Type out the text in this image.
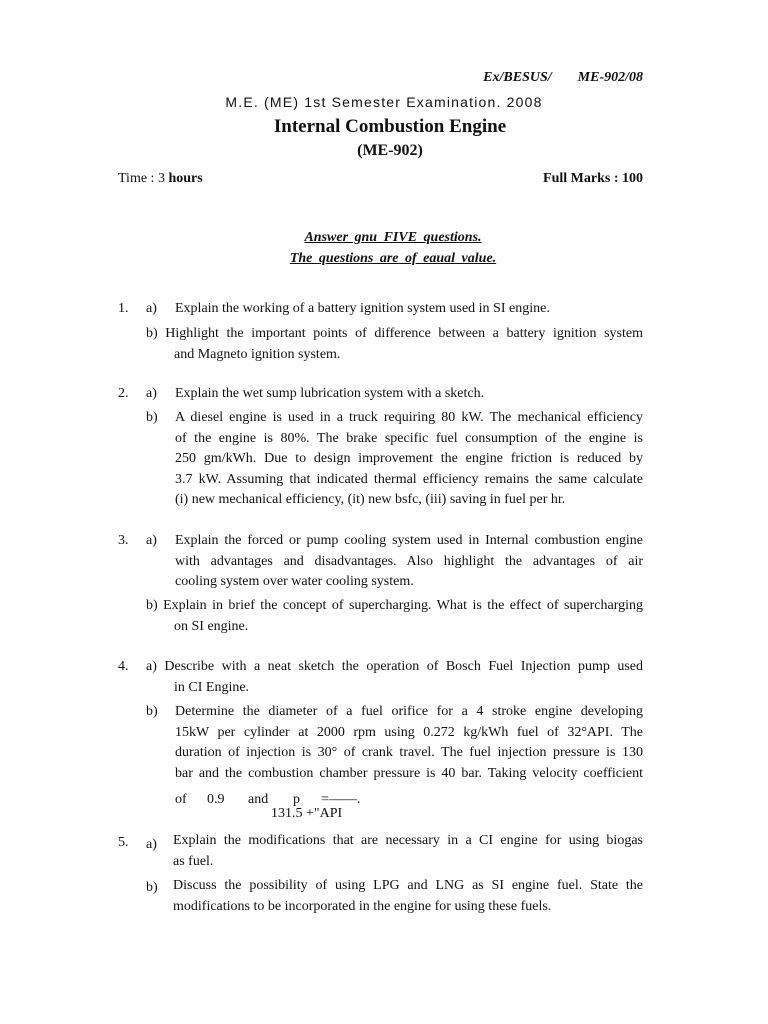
Ex/BESUS/ ME-902/08
M.E. (ME) 1st Semester Examination. 2008
Internal Combustion Engine
(ME-902)
Time : 3 hours	Full Marks : 100
Answer gnu FIVE questions.
The questions are of eaual value.
1. a) Explain the working of a battery ignition system used in SI engine.
b) Highlight the important points of difference between a battery ignition system
and Magneto ignition system.
2. a) Explain the wet sump lubrication system with a sketch.
b) A diesel engine is used in a truck requiring 80 kW. The mechanical efficiency
of the engine is 80%. The brake specific fuel consumption of the engine is
250 gm/kWh. Due to design improvement the engine friction is reduced by
3.7 kW. Assuming that indicated thermal efficiency remains the same calculate
(i) new mechanical efficiency, (it) new bsfc, (iii) saving in fuel per hr.
3. a) Explain the forced or pump cooling system used in Internal combustion engine
with advantages and disadvantages. Also highlight the advantages of air
cooling system over water cooling system.
b) Explain in brief the concept of supercharging. What is the effect of supercharging
on SI engine.
4. a) Describe with a neat sketch the operation of Bosch Fuel Injection pump used
in CI Engine.
b) Determine the diameter of a fuel orifice for a 4 stroke engine developing
15kW per cylinder at 2000 rpm using 0.272 kg/kWh fuel of 32°API. The
duration of injection is 30° of crank travel. The fuel injection pressure is 130
bar and the combustion chamber pressure is 40 bar. Taking velocity coefficient
of 0.9 and p =——.
131.5 +"API
5. a) Explain the modifications that are necessary in a CI engine for using biogas
as fuel.
b) Discuss the possibility of using LPG and LNG as SI engine fuel. State the
modifications to be incorporated in the engine for using these fuels.
